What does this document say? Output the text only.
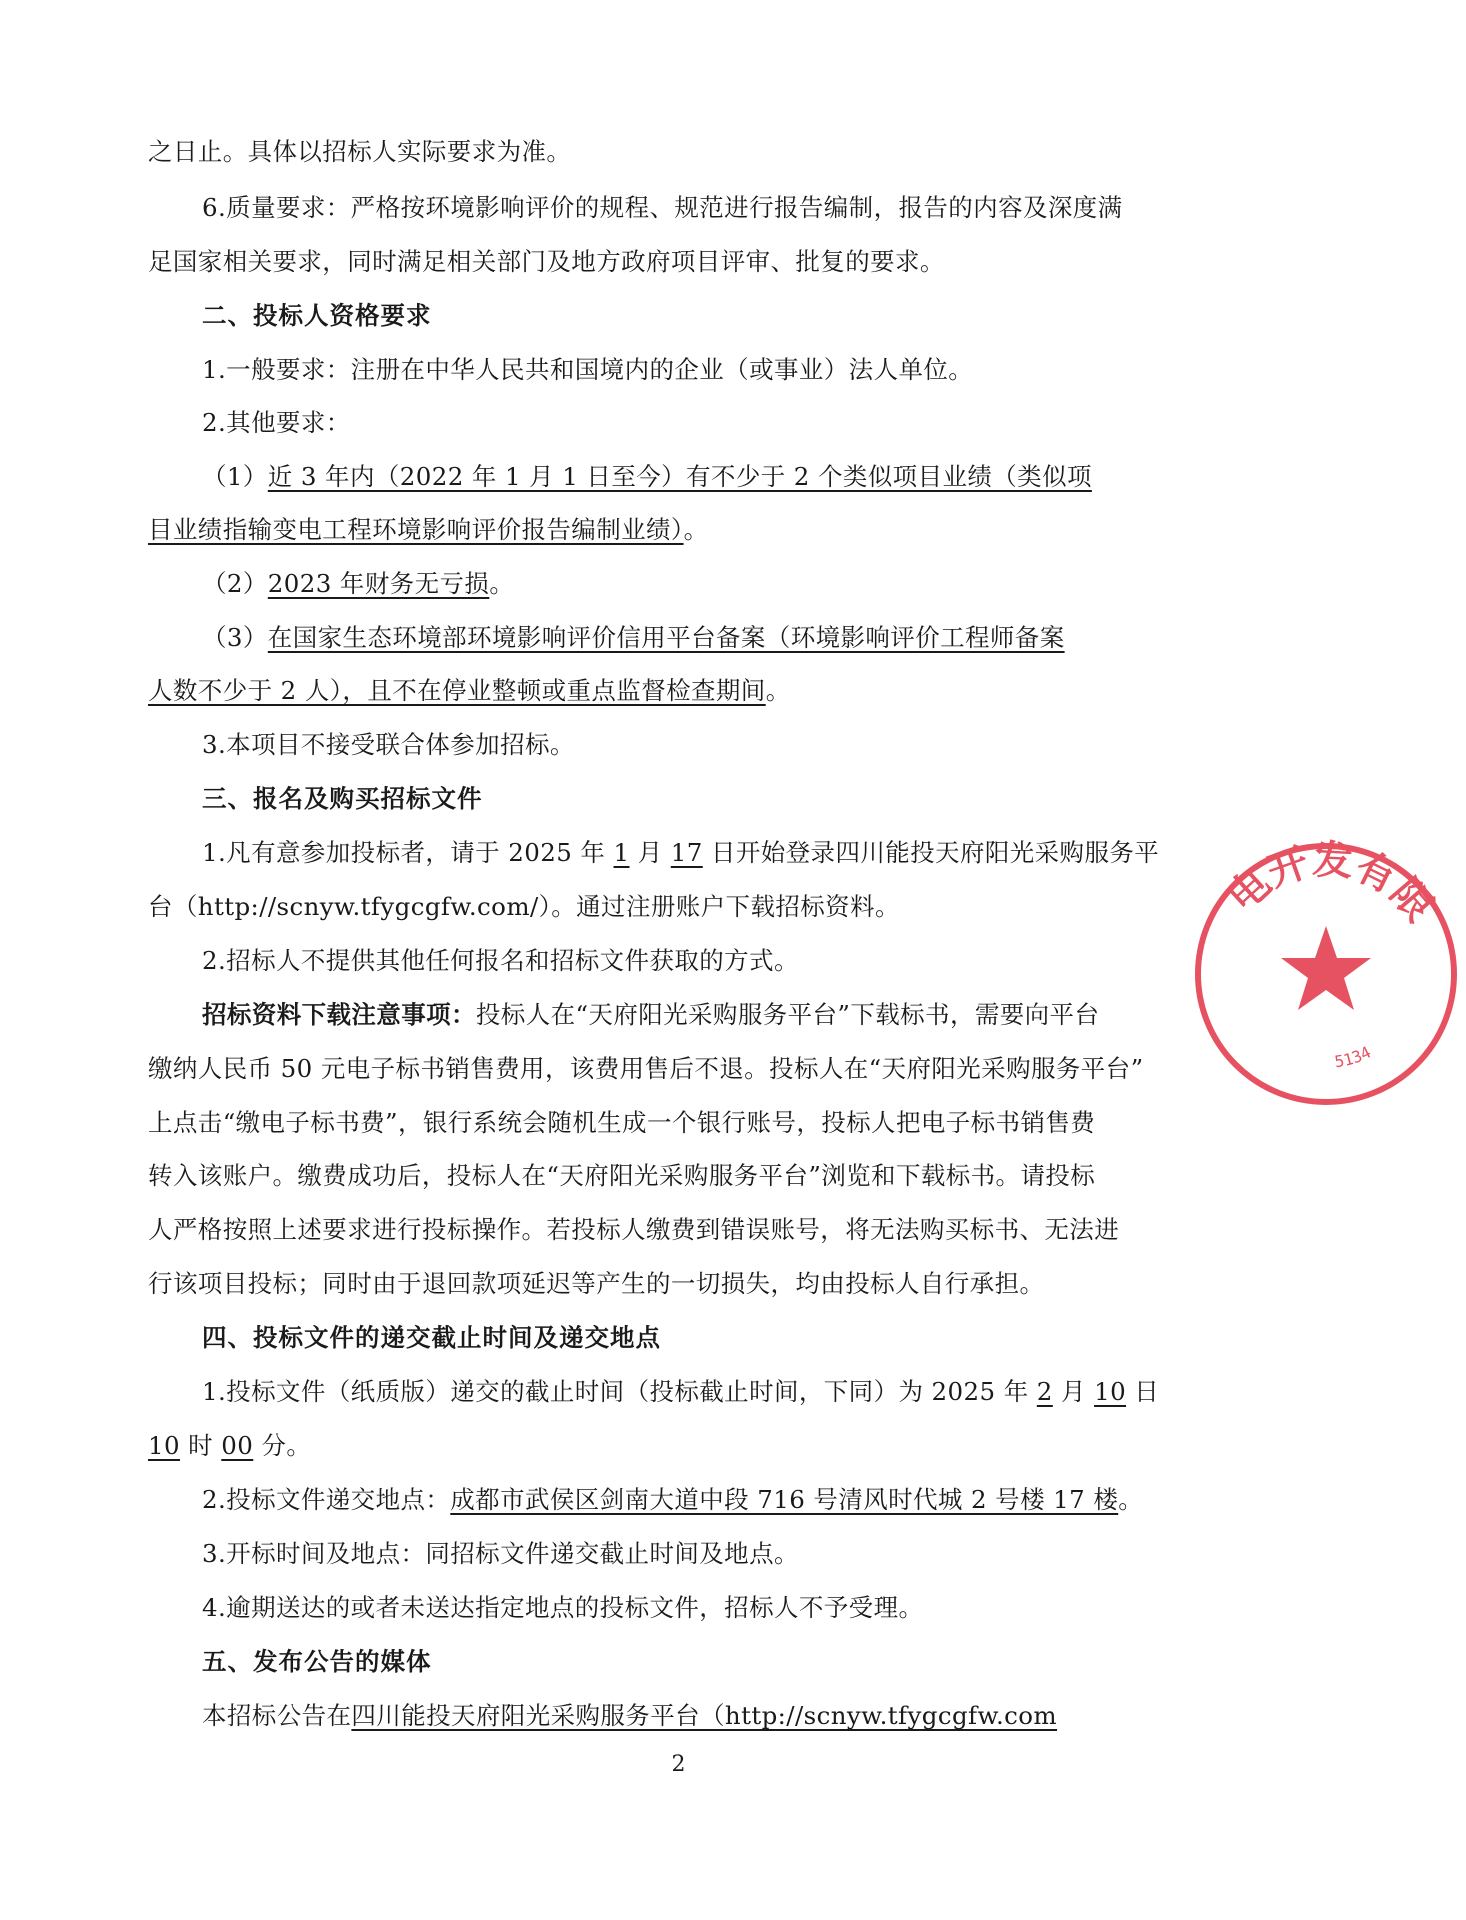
之日止。具体以招标人实际要求为准。
6.质量要求：严格按环境影响评价的规程、规范进行报告编制，报告的内容及深度满
足国家相关要求，同时满足相关部门及地方政府项目评审、批复的要求。
二、投标人资格要求
1.一般要求：注册在中华人民共和国境内的企业（或事业）法人单位。
2.其他要求：
（1）近 3 年内（2022 年 1 月 1 日至今）有不少于 2 个类似项目业绩（类似项
目业绩指输变电工程环境影响评价报告编制业绩）。
（2）2023 年财务无亏损。
（3）在国家生态环境部环境影响评价信用平台备案（环境影响评价工程师备案
人数不少于 2 人），且不在停业整顿或重点监督检查期间。
3.本项目不接受联合体参加招标。
三、报名及购买招标文件
1.凡有意参加投标者，请于 2025 年 1 月 17 日开始登录四川能投天府阳光采购服务平
台（http://scnyw.tfygcgfw.com/）。通过注册账户下载招标资料。
2.招标人不提供其他任何报名和招标文件获取的方式。
招标资料下载注意事项：投标人在“天府阳光采购服务平台”下载标书，需要向平台
缴纳人民币 50 元电子标书销售费用，该费用售后不退。投标人在“天府阳光采购服务平台”
上点击“缴电子标书费”，银行系统会随机生成一个银行账号，投标人把电子标书销售费
转入该账户。缴费成功后，投标人在“天府阳光采购服务平台”浏览和下载标书。请投标
人严格按照上述要求进行投标操作。若投标人缴费到错误账号，将无法购买标书、无法进
行该项目投标；同时由于退回款项延迟等产生的一切损失，均由投标人自行承担。
四、投标文件的递交截止时间及递交地点
1.投标文件（纸质版）递交的截止时间（投标截止时间，下同）为 2025 年 2 月 10 日
10 时 00 分。
2.投标文件递交地点：成都市武侯区剑南大道中段 716 号清风时代城 2 号楼 17 楼。
3.开标时间及地点：同招标文件递交截止时间及地点。
4.逾期送达的或者未送达指定地点的投标文件，招标人不予受理。
五、发布公告的媒体
本招标公告在四川能投天府阳光采购服务平台（http://scnyw.tfygcgfw.com
2
电开发有限
5134
